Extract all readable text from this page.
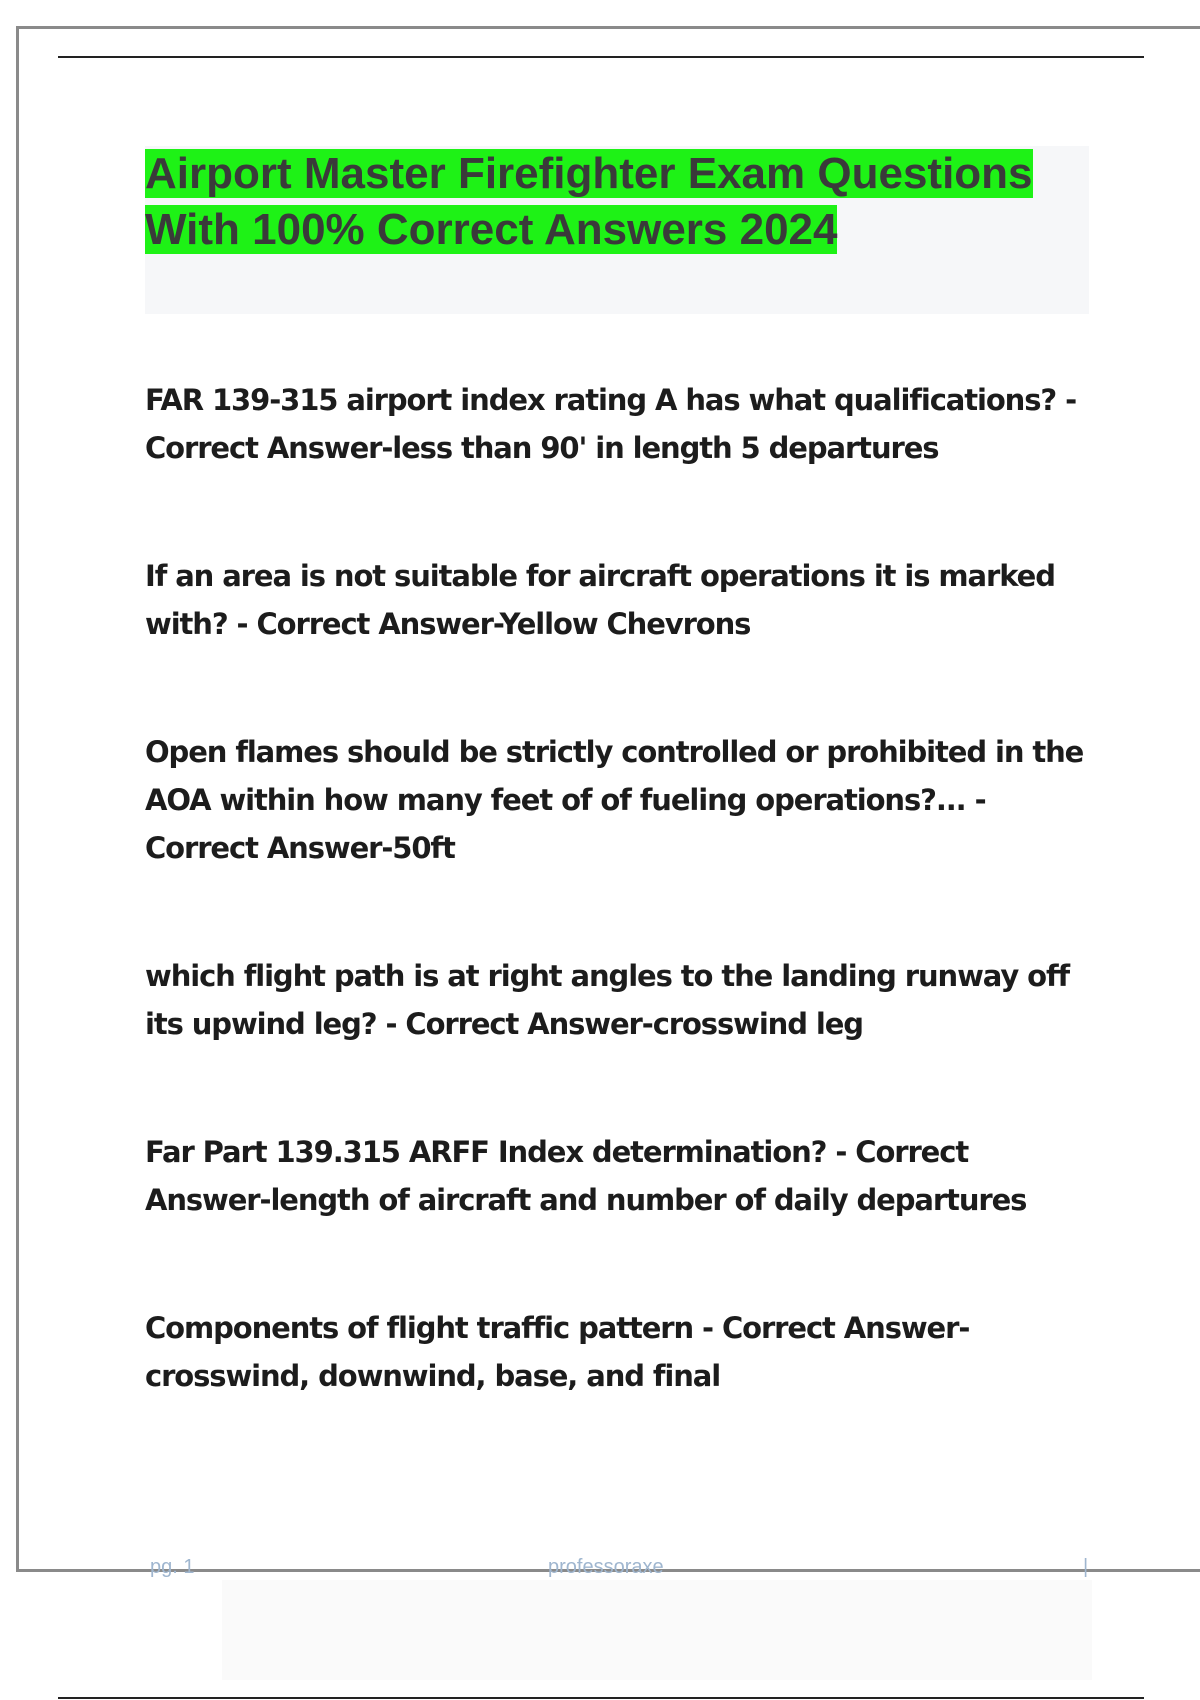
Airport Master Firefighter Exam Questions With 100% Correct Answers 2024

FAR 139-315 airport index rating A has what qualifications? - Correct Answer-less than 90' in length 5 departures

If an area is not suitable for aircraft operations it is marked with? - Correct Answer-Yellow Chevrons

Open flames should be strictly controlled or prohibited in the AOA within how many feet of of fueling operations?... - Correct Answer-50ft

which flight path is at right angles to the landing runway off its upwind leg? - Correct Answer-crosswind leg

Far Part 139.315 ARFF Index determination? - Correct Answer-length of aircraft and number of daily departures

Components of flight traffic pattern - Correct Answer-crosswind, downwind, base, and final

pg. 1	professoraxe	|
